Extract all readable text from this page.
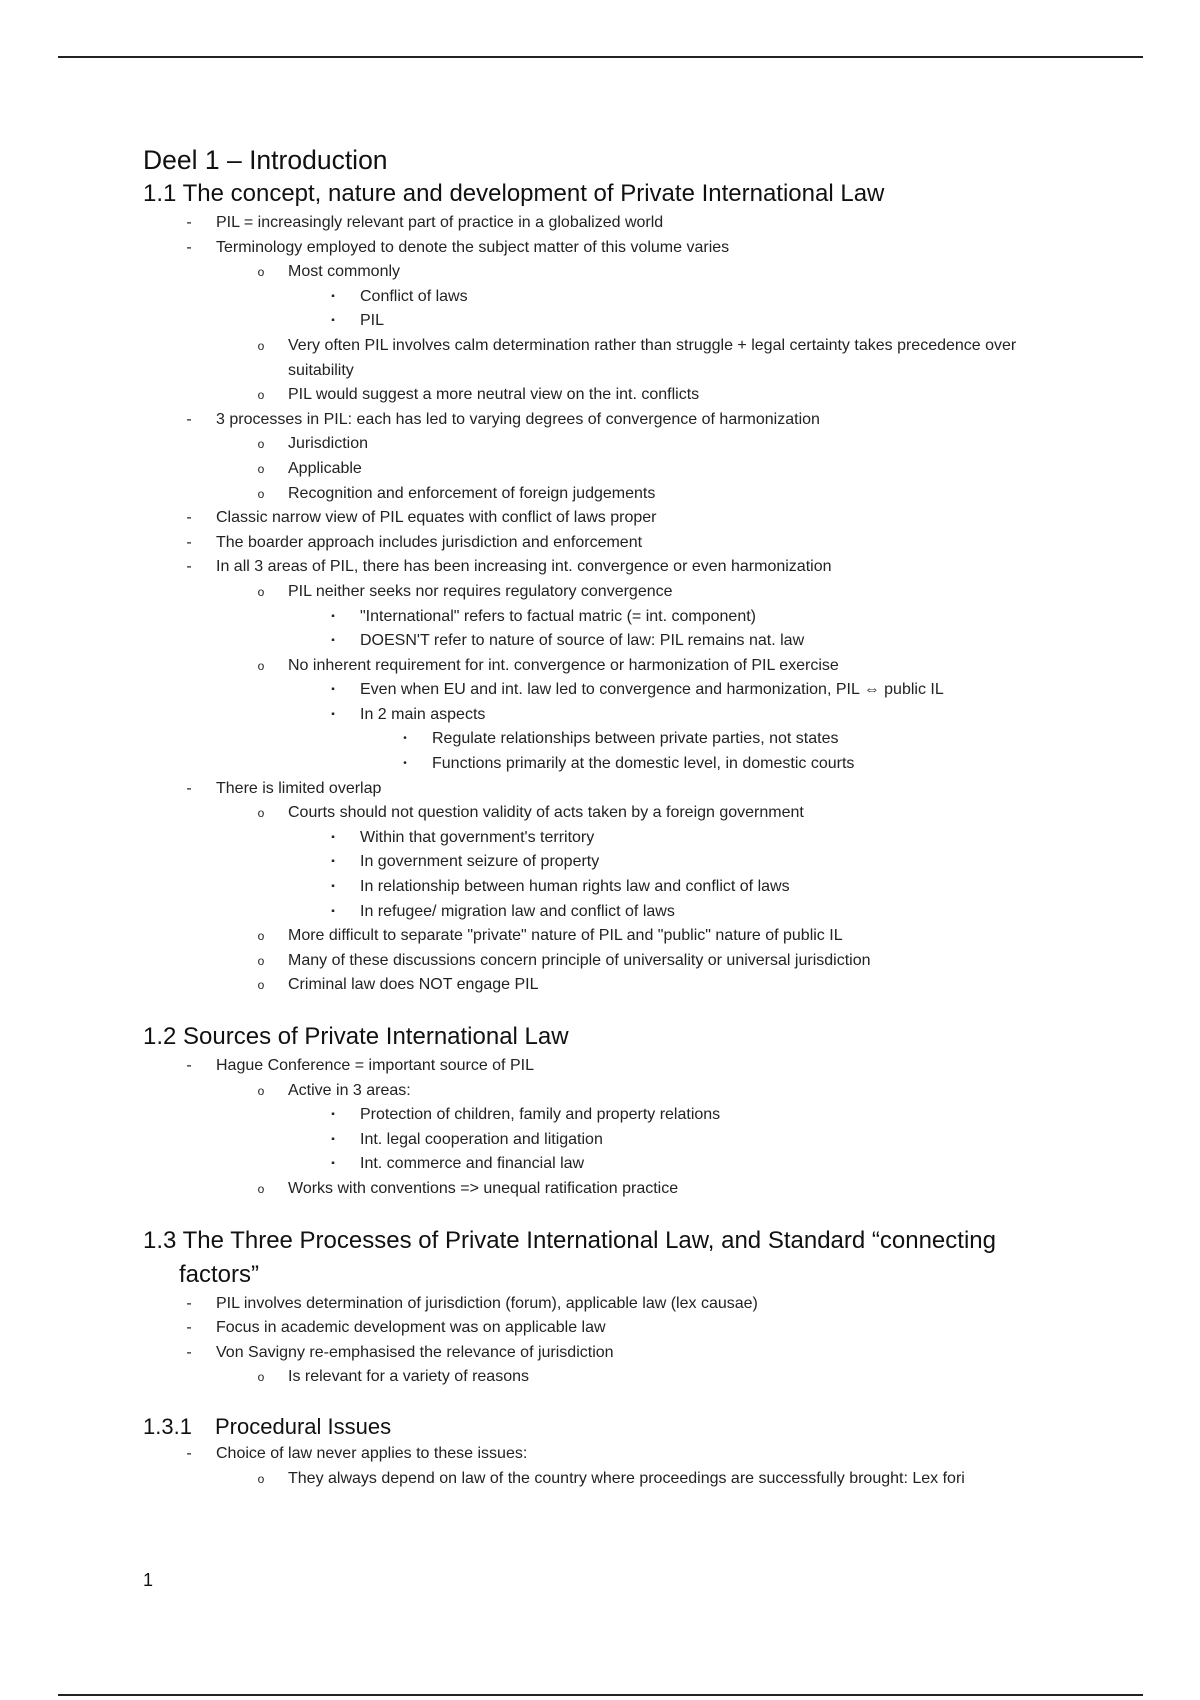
Deel 1 – Introduction
1.1 The concept, nature and development of Private International Law
-	PIL = increasingly relevant part of practice in a globalized world
-	Terminology employed to denote the subject matter of this volume varies
o	Most commonly
▪	Conflict of laws
▪	PIL
o	Very often PIL involves calm determination rather than struggle + legal certainty takes precedence over suitability
o	PIL would suggest a more neutral view on the int. conflicts
-	3 processes in PIL: each has led to varying degrees of convergence of harmonization
o	Jurisdiction
o	Applicable
o	Recognition and enforcement of foreign judgements
-	Classic narrow view of PIL equates with conflict of laws proper
-	The boarder approach includes jurisdiction and enforcement
-	In all 3 areas of PIL, there has been increasing int. convergence or even harmonization
o	PIL neither seeks nor requires regulatory convergence
▪	"International" refers to factual matric (= int. component)
▪	DOESN'T refer to nature of source of law: PIL remains nat. law
o	No inherent requirement for int. convergence or harmonization of PIL exercise
▪	Even when EU and int. law led to convergence and harmonization, PIL ⇔ public IL
▪	In 2 main aspects
•	Regulate relationships between private parties, not states
•	Functions primarily at the domestic level, in domestic courts
-	There is limited overlap
o	Courts should not question validity of acts taken by a foreign government
▪	Within that government's territory
▪	In government seizure of property
▪	In relationship between human rights law and conflict of laws
▪	In refugee/ migration law and conflict of laws
o	More difficult to separate "private" nature of PIL and "public" nature of public IL
o	Many of these discussions concern principle of universality or universal jurisdiction
o	Criminal law does NOT engage PIL
1.2 Sources of Private International Law
-	Hague Conference = important source of PIL
o	Active in 3 areas:
▪	Protection of children, family and property relations
▪	Int. legal cooperation and litigation
▪	Int. commerce and financial law
o	Works with conventions => unequal ratification practice
1.3 The Three Processes of Private International Law, and Standard “connecting factors”
-	PIL involves determination of jurisdiction (forum), applicable law (lex causae)
-	Focus in academic development was on applicable law
-	Von Savigny re-emphasised the relevance of jurisdiction
o	Is relevant for a variety of reasons
1.3.1 Procedural Issues
-	Choice of law never applies to these issues:
o	They always depend on law of the country where proceedings are successfully brought: Lex fori
1
